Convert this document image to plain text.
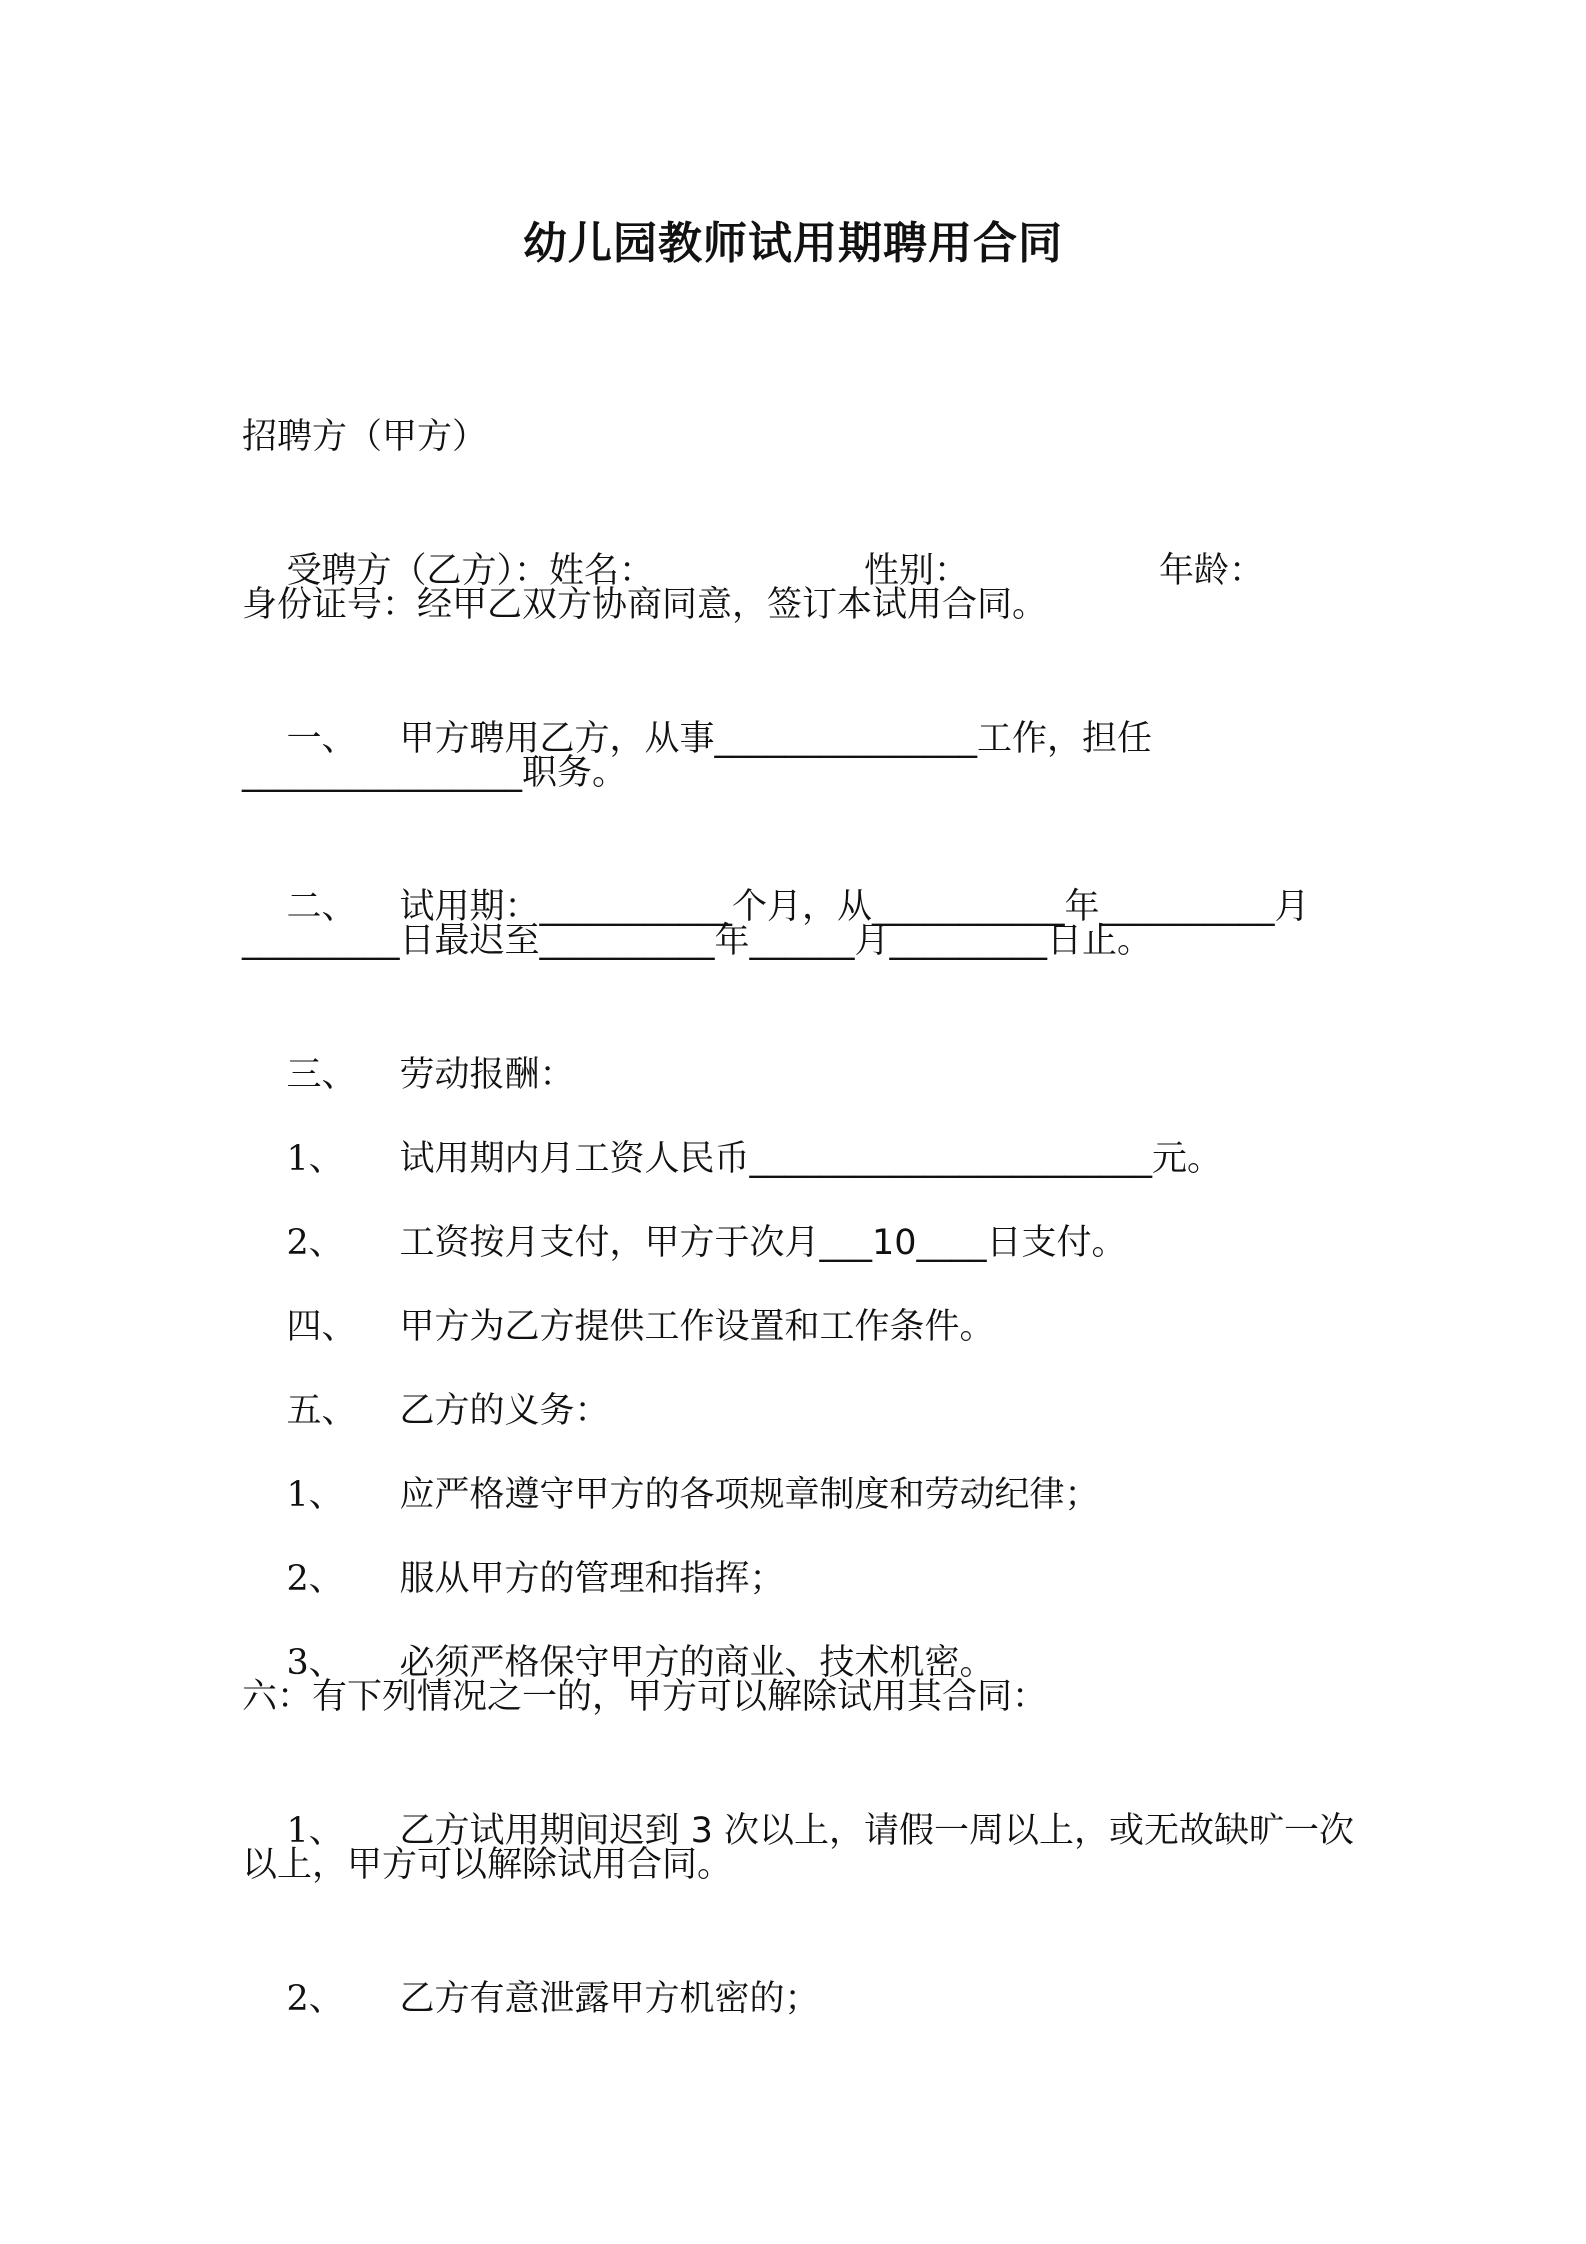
幼儿园教师试用期聘用合同
招聘方（甲方）

受聘方（乙方）：姓名：	性别：	年龄：

身份证号：经甲乙双方协商同意，签订本试用合同。

一、 甲方聘用乙方，从事_______________工作，担任

________________职务。

二、 试用期：___________个月，从___________年__________月

_________日最迟至__________年______月_________日止。

三、 劳动报酬：

1、 试用期内月工资人民币_______________________元。

2、 工资按月支付，甲方于次月___10____日支付。

四、 甲方为乙方提供工作设置和工作条件。

五、 乙方的义务：

1、 应严格遵守甲方的各项规章制度和劳动纪律；

2、 服从甲方的管理和指挥；

3、 必须严格保守甲方的商业、技术机密。

六：有下列情况之一的，甲方可以解除试用其合同：

1、 乙方试用期间迟到 3 次以上，请假一周以上，或无故缺旷一次

以上，甲方可以解除试用合同。

2、 乙方有意泄露甲方机密的；
